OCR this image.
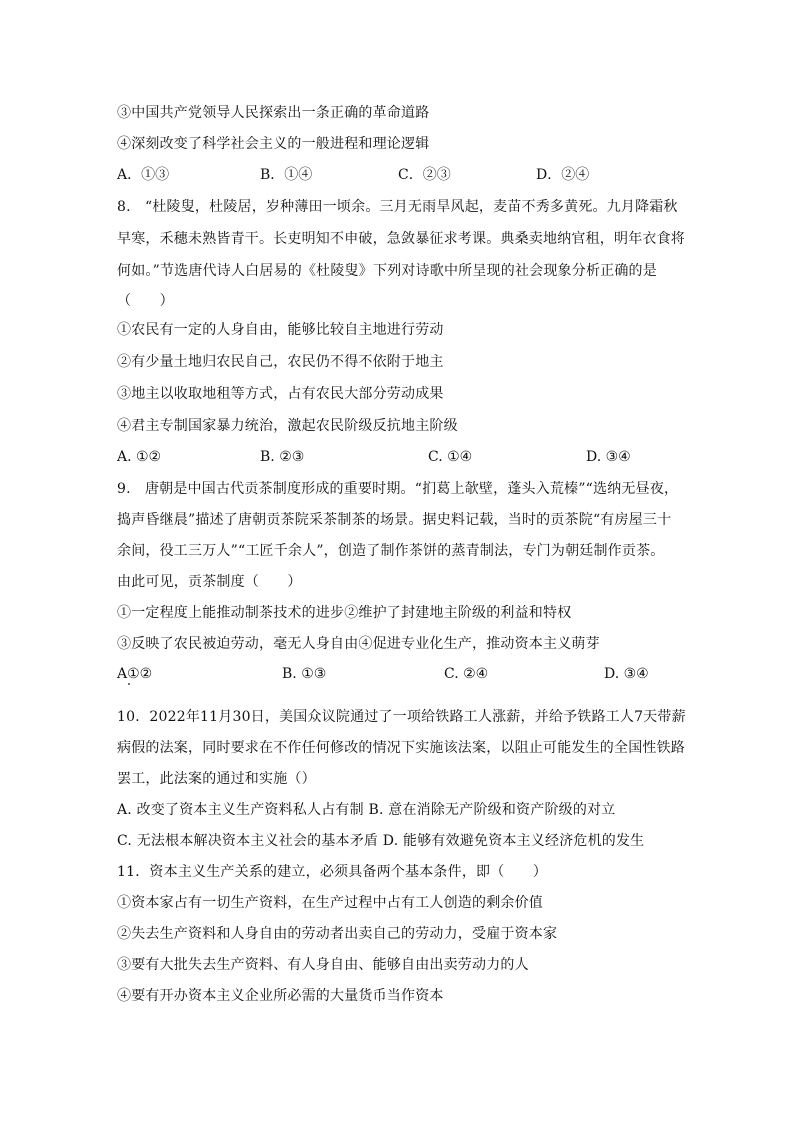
③中国共产党领导人民探索出一条正确的革命道路
④深刻改变了科学社会主义的一般进程和理论逻辑
A．①③	B．①④	C．②③	D．②④
8.　“杜陵叟，杜陵居，岁种薄田一顷余。三月无雨旱风起，麦苗不秀多黄死。九月降霜秋
早寒，禾穗未熟皆青干。长吏明知不申破，急敛暴征求考课。典桑卖地纳官租，明年衣食将
何如。”节选唐代诗人白居易的《杜陵叟》下列对诗歌中所呈现的社会现象分析正确的是
（　　）
①农民有一定的人身自由，能够比较自主地进行劳动
②有少量土地归农民自己，农民仍不得不依附于地主
③地主以收取地租等方式，占有农民大部分劳动成果
④君主专制国家暴力统治，激起农民阶级反抗地主阶级
A. ①②	B. ②③	C. ①④	D. ③④
9.　唐朝是中国古代贡茶制度形成的重要时期。“扪葛上欹壁，蓬头入荒榛”“选纳无昼夜，
捣声昏继晨”描述了唐朝贡茶院采茶制茶的场景。据史料记载，当时的贡茶院“有房屋三十
余间，役工三万人”“工匠千余人”，创造了制作茶饼的蒸青制法，专门为朝廷制作贡茶。
由此可见，贡茶制度（　　）
①一定程度上能推动制茶技术的进步②维护了封建地主阶级的利益和特权
③反映了农民被迫劳动，毫无人身自由④促进专业化生产，推动资本主义萌芽
A①②	B. ①③	C. ②④	D. ③④
10．2022年11月30日，美国众议院通过了一项给铁路工人涨薪，并给予铁路工人7天带薪
病假的法案，同时要求在不作任何修改的情况下实施该法案，以阻止可能发生的全国性铁路
罢工，此法案的通过和实施（）
A. 改变了资本主义生产资料私人占有制 B. 意在消除无产阶级和资产阶级的对立
C. 无法根本解决资本主义社会的基本矛盾 D. 能够有效避免资本主义经济危机的发生
11．资本主义生产关系的建立，必须具备两个基本条件，即（　　）
①资本家占有一切生产资料，在生产过程中占有工人创造的剩余价值
②失去生产资料和人身自由的劳动者出卖自己的劳动力，受雇于资本家
③要有大批失去生产资料、有人身自由、能够自由出卖劳动力的人
④要有开办资本主义企业所必需的大量货币当作资本
